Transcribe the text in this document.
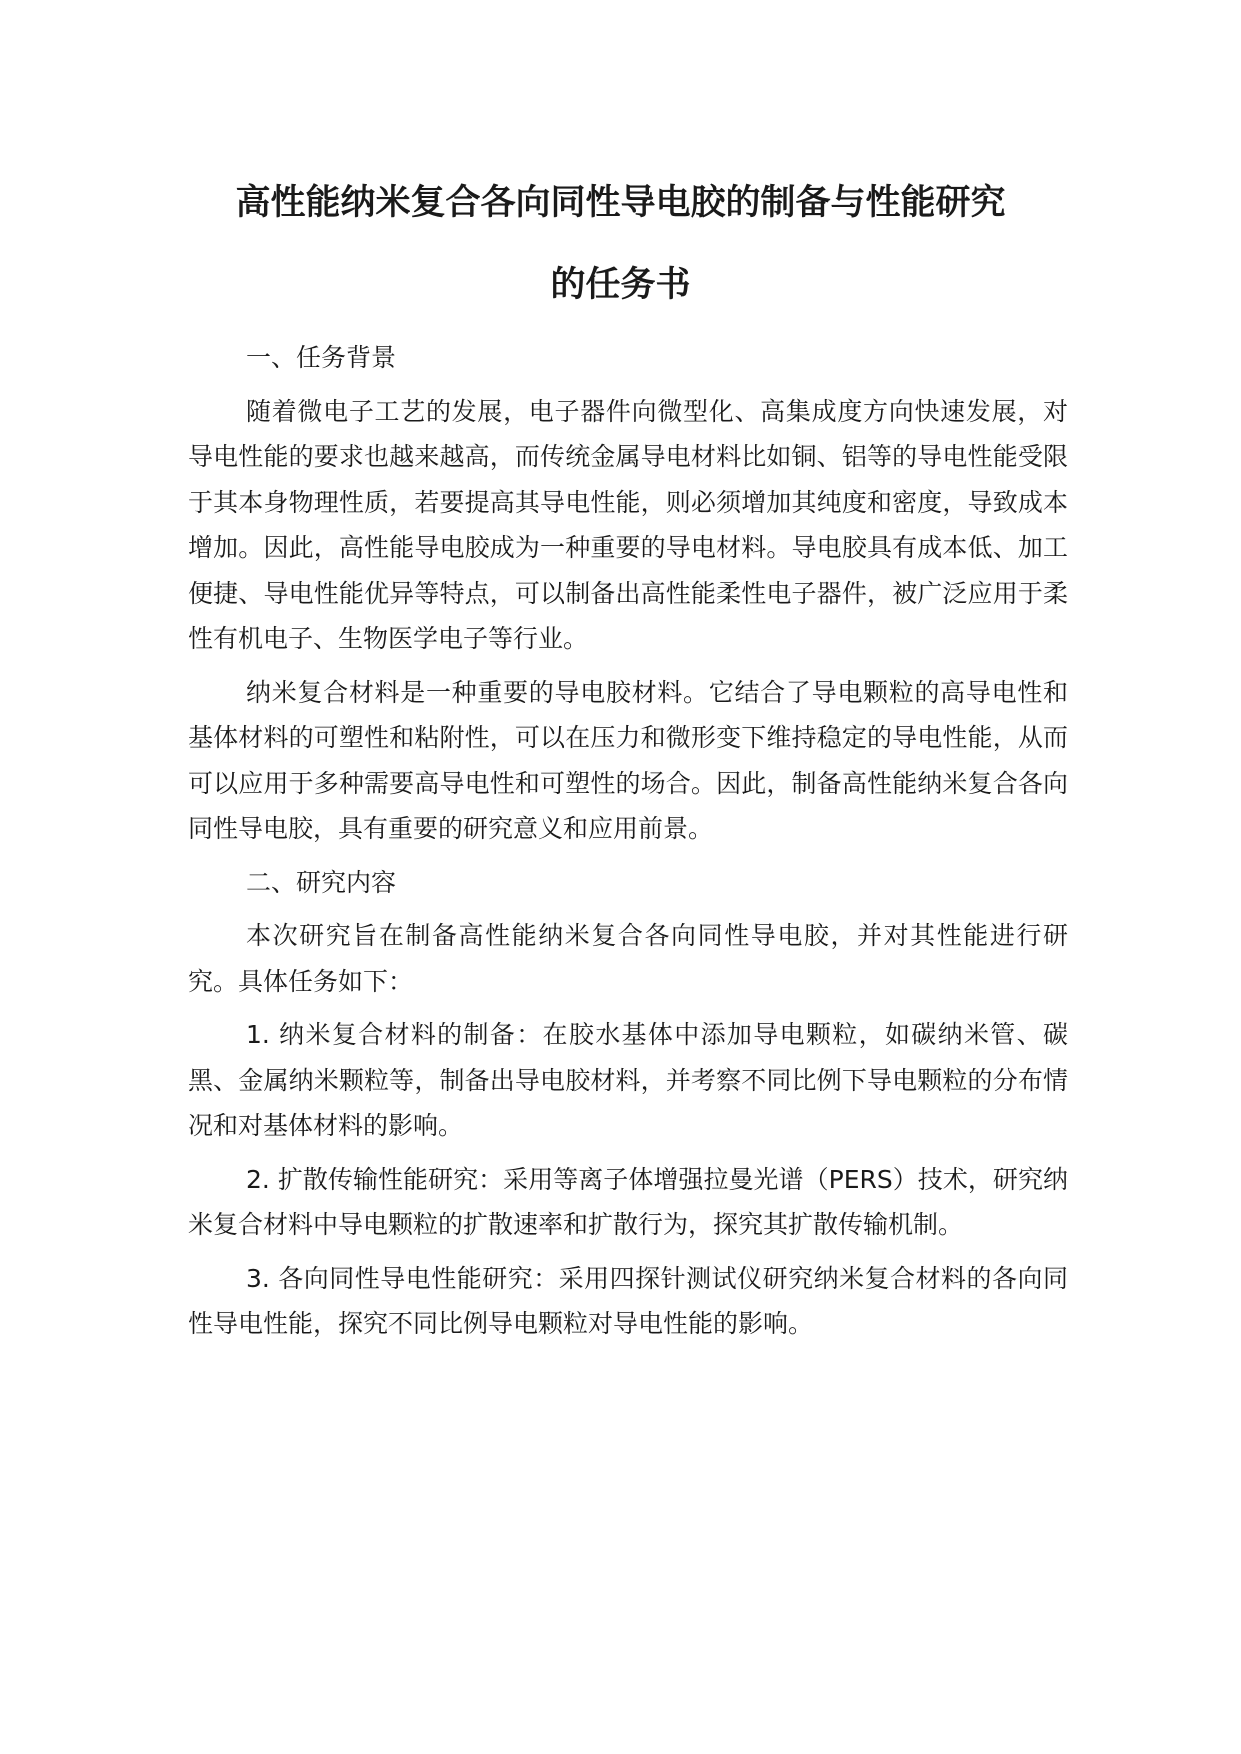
高性能纳米复合各向同性导电胶的制备与性能研究
的任务书

一、任务背景

随着微电子工艺的发展，电子器件向微型化、高集成度方向快速发展，对导电性能的要求也越来越高，而传统金属导电材料比如铜、铝等的导电性能受限于其本身物理性质，若要提高其导电性能，则必须增加其纯度和密度，导致成本增加。因此，高性能导电胶成为一种重要的导电材料。导电胶具有成本低、加工便捷、导电性能优异等特点，可以制备出高性能柔性电子器件，被广泛应用于柔性有机电子、生物医学电子等行业。

纳米复合材料是一种重要的导电胶材料。它结合了导电颗粒的高导电性和基体材料的可塑性和粘附性，可以在压力和微形变下维持稳定的导电性能，从而可以应用于多种需要高导电性和可塑性的场合。因此，制备高性能纳米复合各向同性导电胶，具有重要的研究意义和应用前景。

二、研究内容

本次研究旨在制备高性能纳米复合各向同性导电胶，并对其性能进行研究。具体任务如下：

1. 纳米复合材料的制备：在胶水基体中添加导电颗粒，如碳纳米管、碳黑、金属纳米颗粒等，制备出导电胶材料，并考察不同比例下导电颗粒的分布情况和对基体材料的影响。

2. 扩散传输性能研究：采用等离子体增强拉曼光谱（PERS）技术，研究纳米复合材料中导电颗粒的扩散速率和扩散行为，探究其扩散传输机制。

3. 各向同性导电性能研究：采用四探针测试仪研究纳米复合材料的各向同性导电性能，探究不同比例导电颗粒对导电性能的影响。
